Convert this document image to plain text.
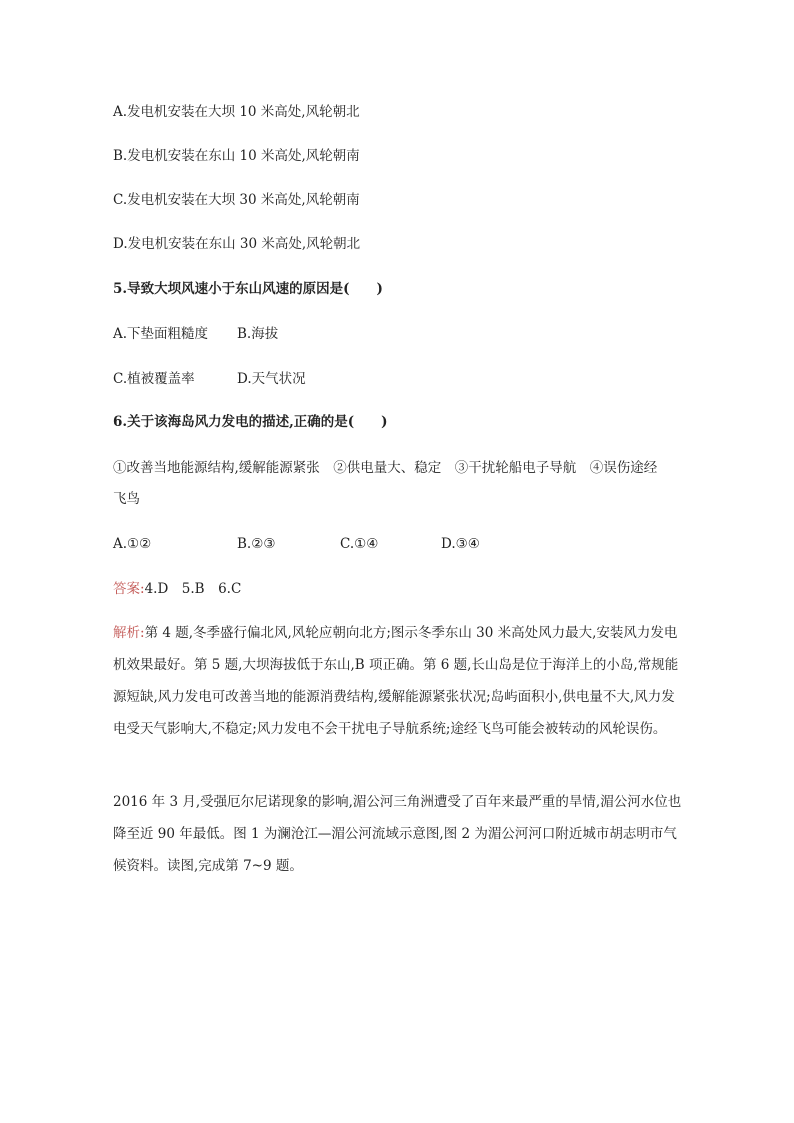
A.发电机安装在大坝 10 米高处,风轮朝北
B.发电机安装在东山 10 米高处,风轮朝南
C.发电机安装在大坝 30 米高处,风轮朝南
D.发电机安装在东山 30 米高处,风轮朝北
5.导致大坝风速小于东山风速的原因是(　　)
A.下垫面粗糙度	B.海拔
C.植被覆盖率	D.天气状况
6.关于该海岛风力发电的描述,正确的是(　　)
①改善当地能源结构,缓解能源紧张　②供电量大、稳定　③干扰轮船电子导航　④误伤途经
飞鸟
A.①②	B.②③	C.①④	D.③④
答案:4.D　5.B　6.C
解析:第 4 题,冬季盛行偏北风,风轮应朝向北方;图示冬季东山 30 米高处风力最大,安装风力发电机效果最好。第 5 题,大坝海拔低于东山,B 项正确。第 6 题,长山岛是位于海洋上的小岛,常规能源短缺,风力发电可改善当地的能源消费结构,缓解能源紧张状况;岛屿面积小,供电量不大,风力发电受天气影响大,不稳定;风力发电不会干扰电子导航系统;途经飞鸟可能会被转动的风轮误伤。
2016 年 3 月,受强厄尔尼诺现象的影响,湄公河三角洲遭受了百年来最严重的旱情,湄公河水位也降至近 90 年最低。图 1 为澜沧江—湄公河流域示意图,图 2 为湄公河河口附近城市胡志明市气候资料。读图,完成第 7~9 题。
